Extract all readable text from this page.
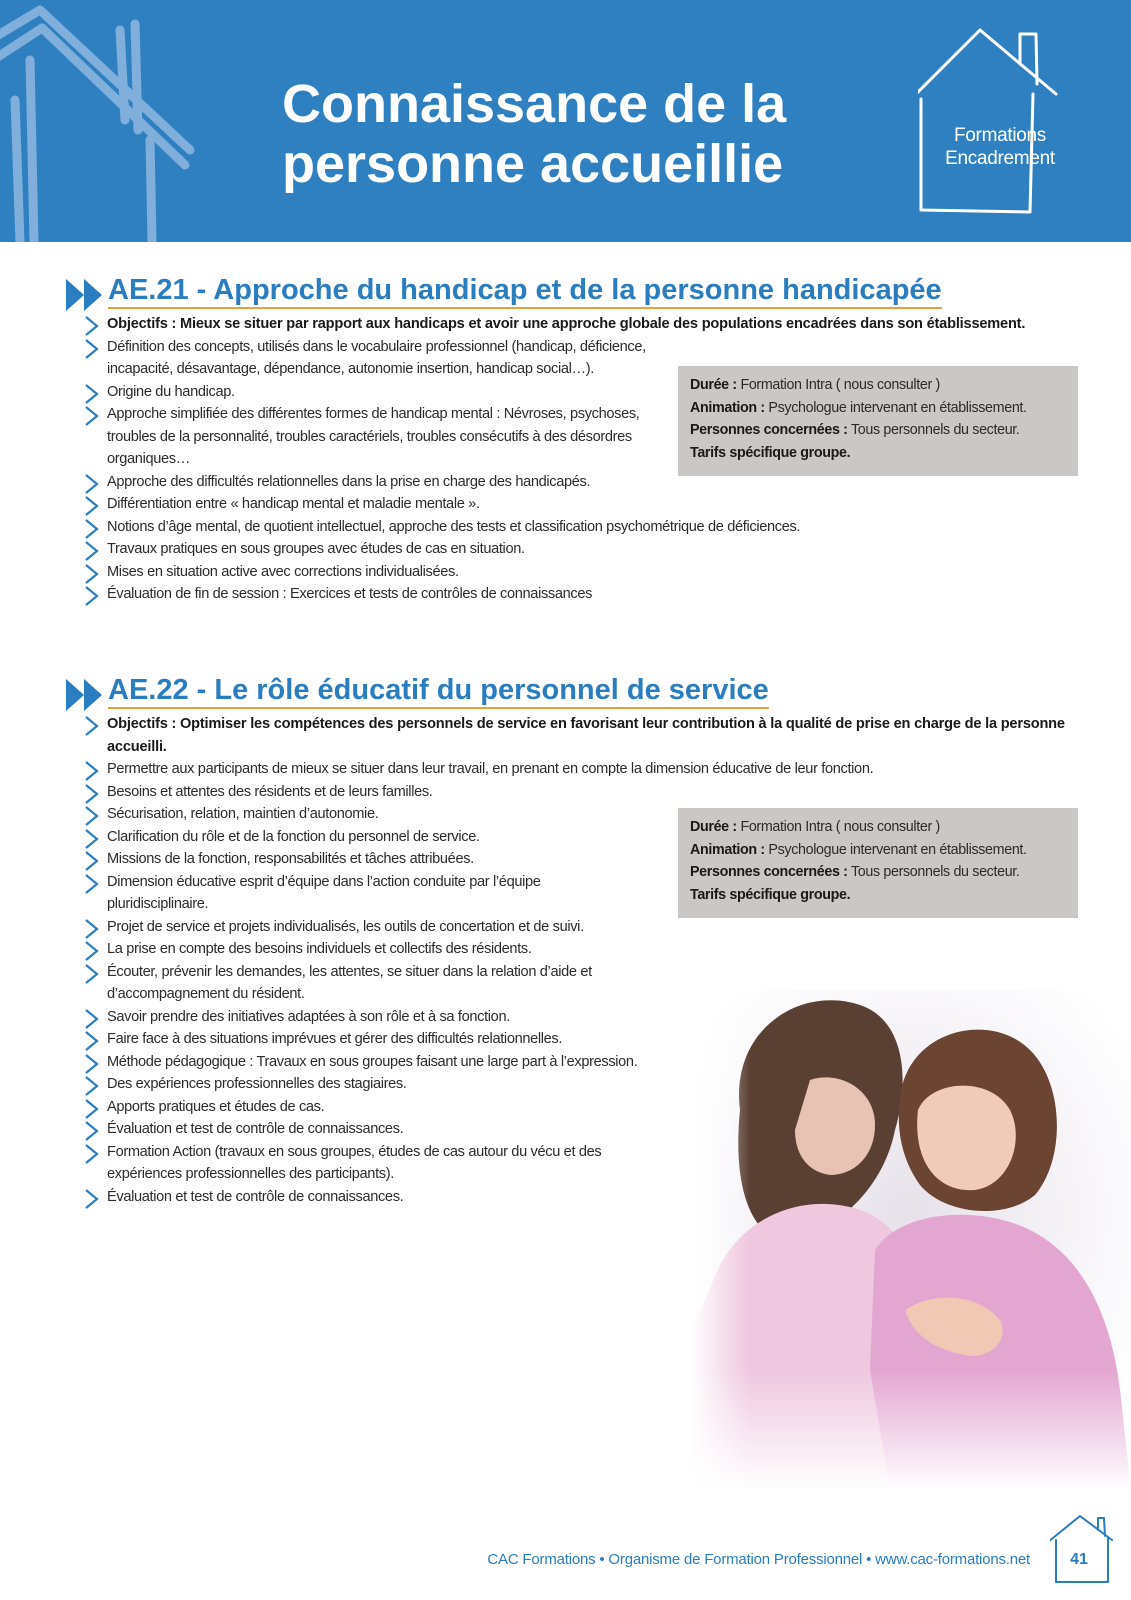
Connaissance de la
personne accueillie	Formations
Encadrement
AE.21 - Approche du handicap et de la personne handicapée
Objectifs : Mieux se situer par rapport aux handicaps et avoir une approche globale des populations encadrées dans son établissement.
Définition des concepts, utilisés dans le vocabulaire professionnel (handicap, déficience, incapacité, désavantage, dépendance, autonomie insertion, handicap social…).
Origine du handicap.
Approche simplifiée des différentes formes de handicap mental : Névroses, psychoses, troubles de la personnalité, troubles caractériels, troubles consécutifs à des désordres organiques…
Approche des difficultés relationnelles dans la prise en charge des handicapés.
Différentiation entre « handicap mental et maladie mentale ».
Notions d’âge mental, de quotient intellectuel, approche des tests et classification psychométrique de déficiences.
Travaux pratiques en sous groupes avec études de cas en situation.
Mises en situation active avec corrections individualisées.
Évaluation de fin de session : Exercices et tests de contrôles de connaissances
Durée : Formation Intra ( nous consulter )
Animation : Psychologue intervenant en établissement.
Personnes concernées : Tous personnels du secteur.
Tarifs spécifique groupe.
AE.22 - Le rôle éducatif du personnel de service
Objectifs : Optimiser les compétences des personnels de service en favorisant leur contribution à la qualité de prise en charge de la personne accueilli.
Permettre aux participants de mieux se situer dans leur travail, en prenant en compte la dimension éducative de leur fonction.
Besoins et attentes des résidents et de leurs familles.
Sécurisation, relation, maintien d’autonomie.
Clarification du rôle et de la fonction du personnel de service.
Missions de la fonction, responsabilités et tâches attribuées.
Dimension éducative esprit d’équipe dans l’action conduite par l’équipe pluridisciplinaire.
Projet de service et projets individualisés, les outils de concertation et de suivi.
La prise en compte des besoins individuels et collectifs des résidents.
Écouter, prévenir les demandes, les attentes, se situer dans la relation d’aide et d’accompagnement du résident.
Savoir prendre des initiatives adaptées à son rôle et à sa fonction.
Faire face à des situations imprévues et gérer des difficultés relationnelles.
Méthode pédagogique : Travaux en sous groupes faisant une large part à l’expression.
Des expériences professionnelles des stagiaires.
Apports pratiques et études de cas.
Évaluation et test de contrôle de connaissances.
Formation Action (travaux en sous groupes, études de cas autour du vécu et des expériences professionnelles des participants).
Évaluation et test de contrôle de connaissances.
Durée : Formation Intra ( nous consulter )
Animation : Psychologue intervenant en établissement.
Personnes concernées : Tous personnels du secteur.
Tarifs spécifique groupe.
CAC Formations • Organisme de Formation Professionnel • www.cac-formations.net	41
